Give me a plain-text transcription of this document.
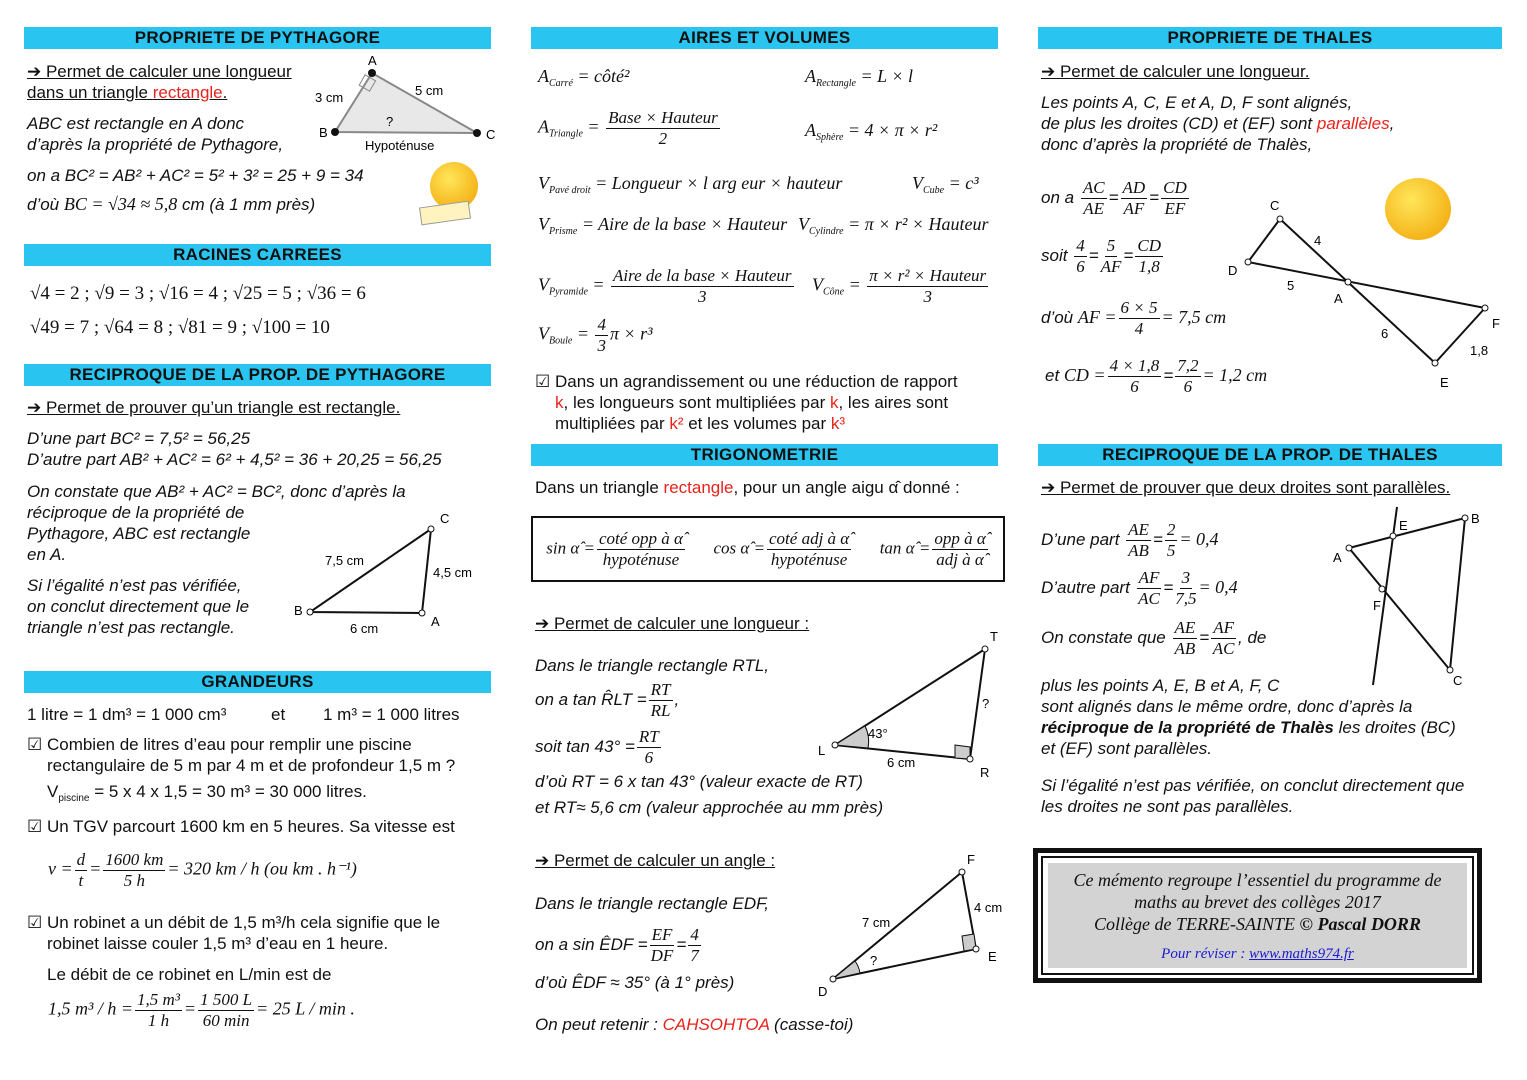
PROPRIETE DE PYTHAGORE
➔ Permet de calculer une longueur
dans un triangle rectangle.
ABC est rectangle en A donc
d’après la propriété de Pythagore,
on a BC² = AB² + AC² = 5² + 3² = 25 + 9 = 34
d’où BC = √34 ≈ 5,8 cm (à 1 mm près)
A
B	C
3 cm	5 cm
?
Hypoténuse
RACINES CARREES
√4 = 2 ; √9 = 3 ; √16 = 4 ; √25 = 5 ; √36 = 6
√49 = 7 ; √64 = 8 ; √81 = 9 ; √100 = 10
RECIPROQUE DE LA PROP. DE PYTHAGORE
➔ Permet de prouver qu’un triangle est rectangle.
D’une part BC² = 7,5² = 56,25
D’autre part AB² + AC² = 6² + 4,5² = 36 + 20,25 = 56,25
On constate que AB² + AC² = BC², donc d’après la
réciproque de la propriété de
Pythagore, ABC est rectangle
en A.
Si l’égalité n’est pas vérifiée,
on conclut directement que le
triangle n’est pas rectangle.
C
B
A
7,5 cm
4,5 cm
6 cm
GRANDEURS
1 litre = 1 dm³ = 1 000 cm³	et 1 m³ = 1 000 litres
☑ Combien de litres d’eau pour remplir une piscine
rectangulaire de 5 m par 4 m et de profondeur 1,5 m ?
$V_{piscine} = 5$ x 4 x 1,5 = 30 m³ = 30 000 litres.
☑ Un TGV parcourt 1600 km en 5 heures. Sa vitesse est
$v = \frac{d}{t} = \frac{1600 km}{5 h} = 320$ km / h (ou km . h⁻¹)
☑ Un robinet a un débit de 1,5 m³/h cela signifie que le
robinet laisse couler 1,5 m³ d’eau en 1 heure.
Le débit de ce robinet en L/min est de
1,5 $m^3 / h = \frac{\text{1,5 m³}}{1 h} = \frac{1 500 L}{60 \min} = 25$ L / min .
AIRES ET VOLUMES
$A_{Carré}$ = côté²	$A_{Rectangle} = L \times l$
$A_{Triangle} = \frac{\text{Base × Hauteur}}{2}$	$A_{Sphère} = 4 \times \pi \times r^2$
$V_{Pavé droit}$ = Longueur × l arg eur × hauteur	$V_{Cube} = c^3$
$V_{Prisme}$ = Aire de la base × Hauteur $V_{Cylindre} = \pi \times r^2$ × Hauteur
$V_{Pyramide} = \frac{\text{Aire de la base × Hauteur}}{3} V_{Cône} = \frac{\text{π × r² × Hauteur}}{3}$
$V_{Boule} = \frac{4}{3}$ π × r³
☑ Dans un agrandissement ou une réduction de rapport
k, les longueurs sont multipliées par k, les aires sont
multipliées par k² et les volumes par k³
TRIGONOMETRIE
Dans un triangle rectangle, pour un angle aigu α̂ donné :
sin α̂ = $\frac{\text{coté opp à α̂}}{\text{hypoténuse}}$ cos α̂ = $\frac{\text{coté adj à α̂}}{\text{hypoténuse}}$ tan α̂ = $\frac{\text{opp à α̂}}{\text{adj à α̂}}$
➔ Permet de calculer une longueur :
Dans le triangle rectangle RTL,
on a tan R̂LT = $\frac{RT}{RL}$ ,
soit $\tan 43^\circ = \frac{RT}{6}$
d’où RT = 6 x tan 43° (valeur exacte de RT)
et RT≈ 5,6 cm (valeur approchée au mm près)
T
L
R
43°
6 cm
?
➔ Permet de calculer un angle :
Dans le triangle rectangle EDF,
on a sin ÊDF = $\frac{EF}{DF} = \frac{4}{7}$
d’où ÊDF ≈ 35° (à 1° près)
On peut retenir : CAHSOHTOA (casse-toi)
F
D
E
7 cm
4 cm
?
PROPRIETE DE THALES
➔ Permet de calculer une longueur.
Les points A, C, E et A, D, F sont alignés,
de plus les droites (CD) et (EF) sont parallèles,
donc d’après la propriété de Thalès,
on a $\frac{AC}{AE} = \frac{AD}{AF} = \frac{CD}{EF}$
soit $\frac{4}{6} = \frac{5}{AF} = \frac{CD}{1,8}$
d’où AF = $\frac{6 \times 5}{4} = 7,5$ cm
et CD = $\frac{4 \times 1,8}{6} = \frac{7,2}{6} = 1,2$ cm
C
D
A
F
E
4
5
6
1,8
RECIPROQUE DE LA PROP. DE THALES
➔ Permet de prouver que deux droites sont parallèles.
D’une part $\frac{AE}{AB} = \frac{2}{5} = 0,4$
D’autre part $\frac{AF}{AC} = \frac{3}{7,5} = 0,4$
On constate que $\frac{AE}{AB} = \frac{AF}{AC}$ , de
plus les points A, E, B et A, F, C
sont alignés dans le même ordre, donc d’après la
réciproque de la propriété de Thalès les droites (BC)
et (EF) sont parallèles.
Si l’égalité n’est pas vérifiée, on conclut directement que
les droites ne sont pas parallèles.
E	B
A
F
C
Ce mémento regroupe l’essentiel du programme de
maths au brevet des collèges 2017
Collège de TERRE-SAINTE © Pascal DORR
Pour réviser : www.maths974.fr
